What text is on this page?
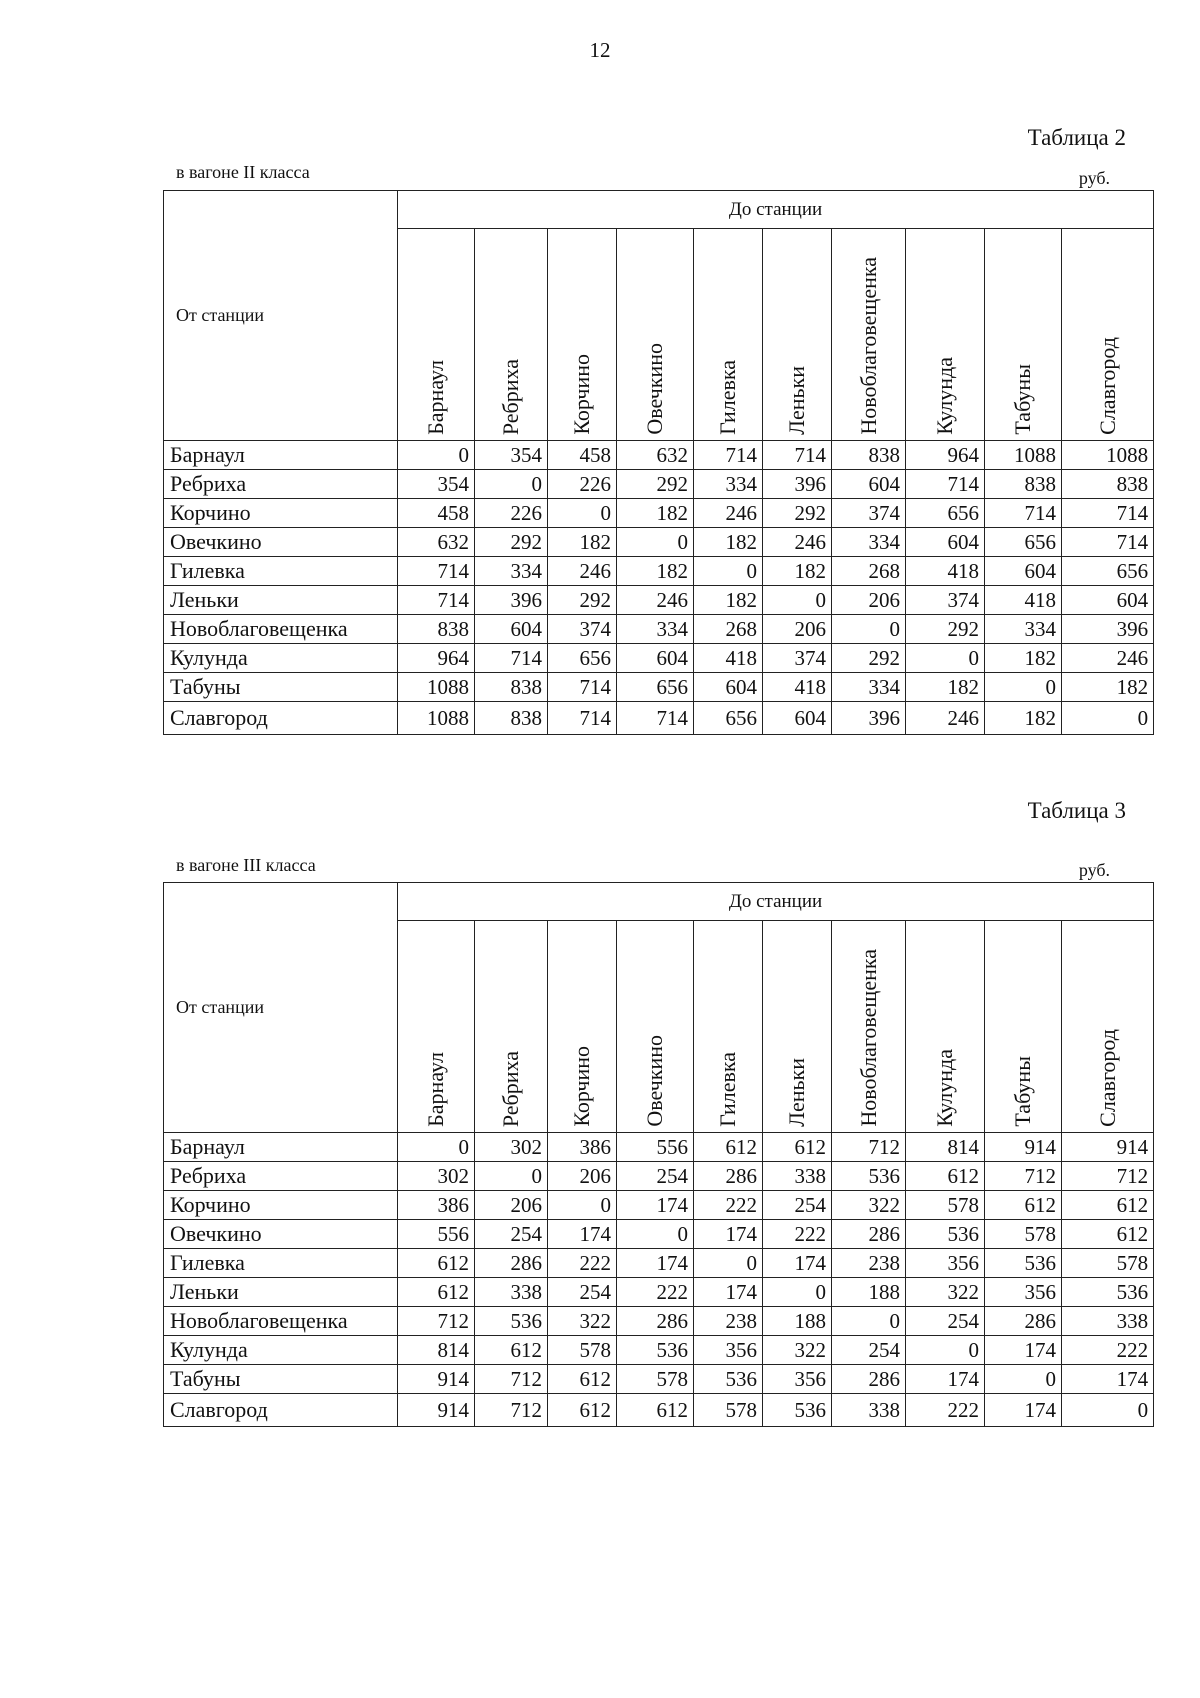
12
Таблица 2
в вагоне II класса	руб.
От станции	До станции									
	Барнаул	Ребриха	Корчино	Овечкино	Гилевка	Леньки	Новоблаговещенка	Кулунда	Табуны	Славгород
Барнаул	0	354	458	632	714	714	838	964	1088	1088
Ребриха	354	0	226	292	334	396	604	714	838	838
Корчино	458	226	0	182	246	292	374	656	714	714
Овечкино	632	292	182	0	182	246	334	604	656	714
Гилевка	714	334	246	182	0	182	268	418	604	656
Леньки	714	396	292	246	182	0	206	374	418	604
Новоблаговещенка	838	604	374	334	268	206	0	292	334	396
Кулунда	964	714	656	604	418	374	292	0	182	246
Табуны	1088	838	714	656	604	418	334	182	0	182
Славгород	1088	838	714	714	656	604	396	246	182	0
Таблица 3
в вагоне III класса	руб.
От станции	До станции									
	Барнаул	Ребриха	Корчино	Овечкино	Гилевка	Леньки	Новоблаговещенка	Кулунда	Табуны	Славгород
Барнаул	0	302	386	556	612	612	712	814	914	914
Ребриха	302	0	206	254	286	338	536	612	712	712
Корчино	386	206	0	174	222	254	322	578	612	612
Овечкино	556	254	174	0	174	222	286	536	578	612
Гилевка	612	286	222	174	0	174	238	356	536	578
Леньки	612	338	254	222	174	0	188	322	356	536
Новоблаговещенка	712	536	322	286	238	188	0	254	286	338
Кулунда	814	612	578	536	356	322	254	0	174	222
Табуны	914	712	612	578	536	356	286	174	0	174
Славгород	914	712	612	612	578	536	338	222	174	0
